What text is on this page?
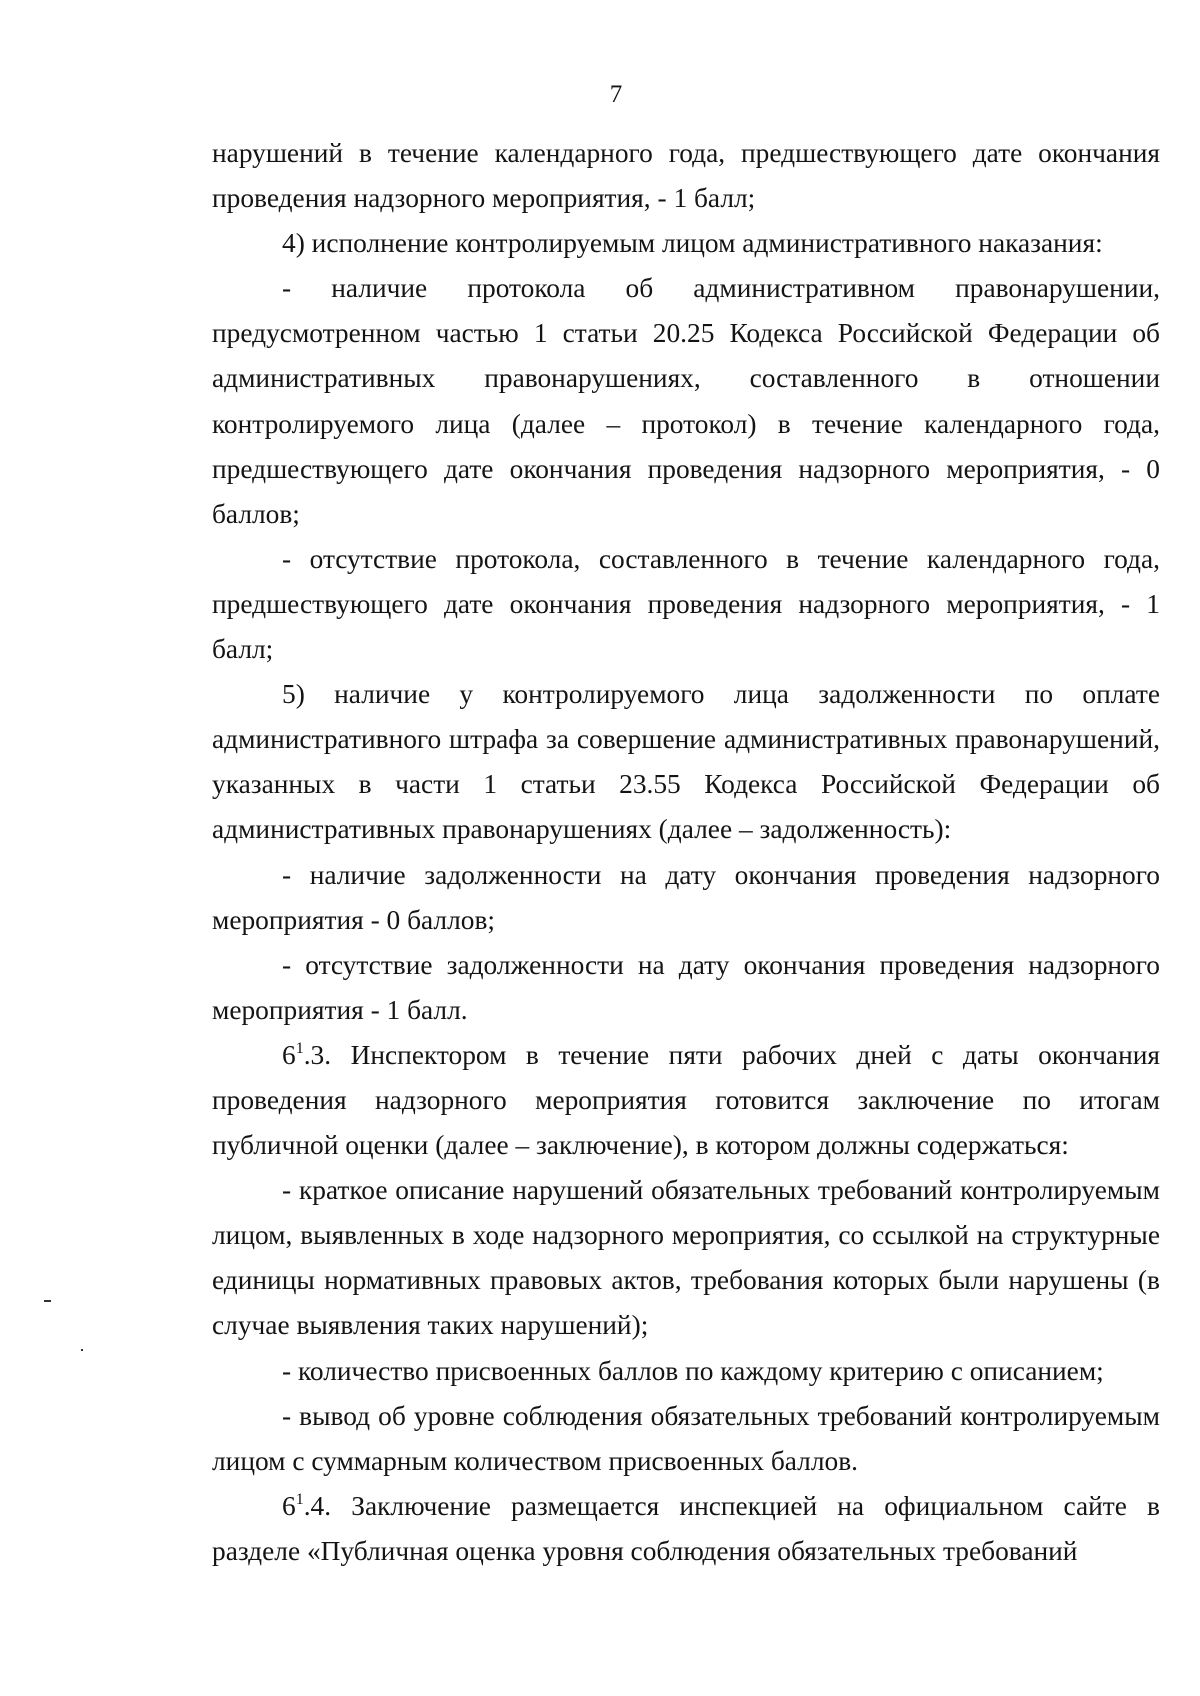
7

нарушений в течение календарного года, предшествующего дате окончания проведения надзорного мероприятия, - 1 балл;

4) исполнение контролируемым лицом административного наказания:

- наличие протокола об административном правонарушении, предусмотренном частью 1 статьи 20.25 Кодекса Российской Федерации об административных правонарушениях, составленного в отношении контролируемого лица (далее – протокол) в течение календарного года, предшествующего дате окончания проведения надзорного мероприятия, - 0 баллов;

- отсутствие протокола, составленного в течение календарного года, предшествующего дате окончания проведения надзорного мероприятия, - 1 балл;

5) наличие у контролируемого лица задолженности по оплате административного штрафа за совершение административных правонарушений, указанных в части 1 статьи 23.55 Кодекса Российской Федерации об административных правонарушениях (далее – задолженность):

- наличие задолженности на дату окончания проведения надзорного мероприятия - 0 баллов;

- отсутствие задолженности на дату окончания проведения надзорного мероприятия - 1 балл.

$6^1.3$. Инспектором в течение пяти рабочих дней с даты окончания проведения надзорного мероприятия готовится заключение по итогам публичной оценки (далее – заключение), в котором должны содержаться:

- краткое описание нарушений обязательных требований контролируемым лицом, выявленных в ходе надзорного мероприятия, со ссылкой на структурные единицы нормативных правовых актов, требования которых были нарушены (в случае выявления таких нарушений);

- количество присвоенных баллов по каждому критерию с описанием;

- вывод об уровне соблюдения обязательных требований контролируемым лицом с суммарным количеством присвоенных баллов.

$6^1.4$. Заключение размещается инспекцией на официальном сайте в разделе «Публичная оценка уровня соблюдения обязательных требований
